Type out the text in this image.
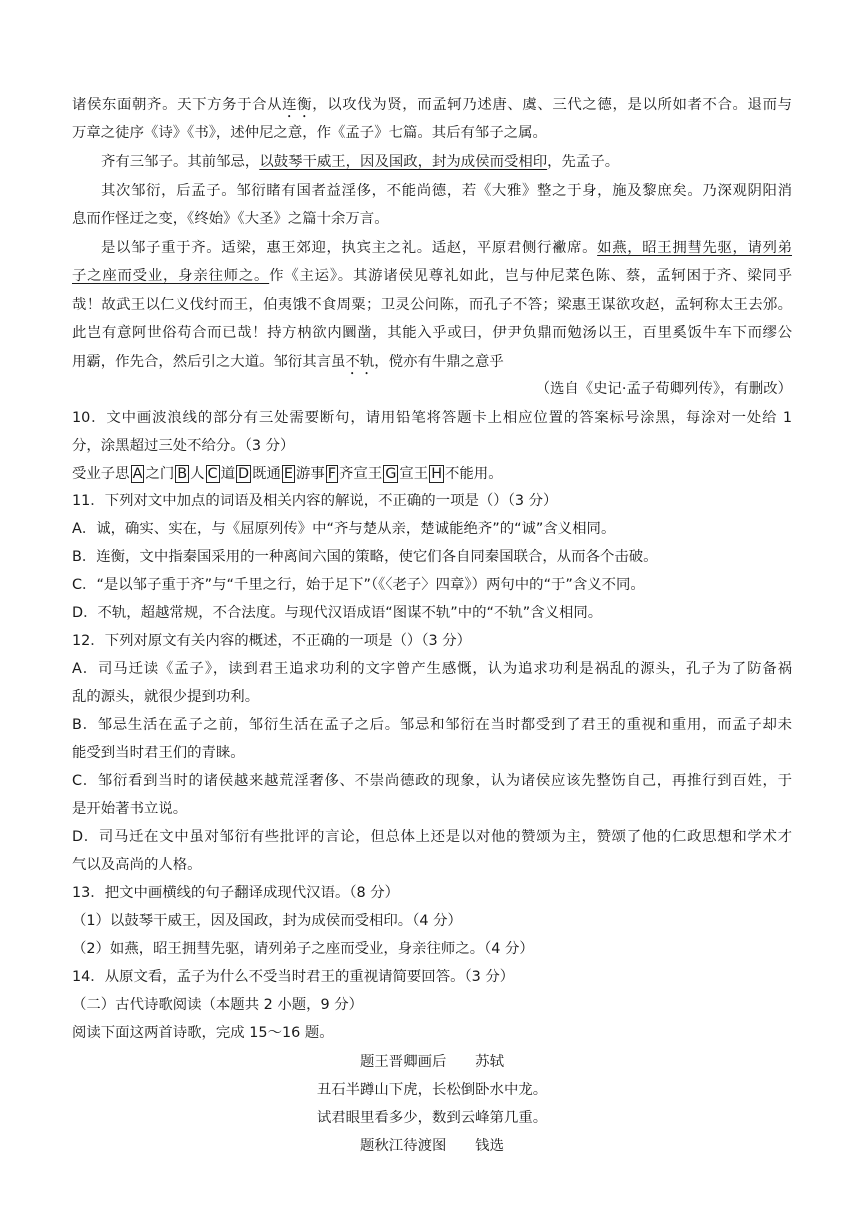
诸侯东面朝齐。天下方务于合从连衡，以攻伐为贤，而孟轲乃述唐、虞、三代之德，是以所如者不合。退而与
万章之徒序《诗》《书》，述仲尼之意，作《孟子》七篇。其后有邹子之属。
齐有三邹子。其前邹忌，以鼓琴干威王，因及国政，封为成侯而受相印，先孟子。
其次邹衍，后孟子。邹衍睹有国者益淫侈，不能尚德，若《大雅》整之于身，施及黎庶矣。乃深观阴阳消
息而作怪迂之变，《终始》《大圣》之篇十余万言。
是以邹子重于齐。适梁，惠王郊迎，执宾主之礼。适赵，平原君侧行襒席。如燕，昭王拥彗先驱，请列弟
子之座而受业，身亲往师之。作《主运》。其游诸侯见尊礼如此，岂与仲尼菜色陈、蔡，孟轲困于齐、梁同乎
哉！故武王以仁义伐纣而王，伯夷饿不食周粟；卫灵公问陈，而孔子不答；梁惠王谋欲攻赵，孟轲称太王去邠。
此岂有意阿世俗苟合而已哉！持方枘欲内圜凿，其能入乎或曰，伊尹负鼎而勉汤以王，百里奚饭牛车下而缪公
用霸，作先合，然后引之大道。邹衍其言虽不轨，傥亦有牛鼎之意乎
（选自《史记·孟子荀卿列传》，有删改）
10．文中画波浪线的部分有三处需要断句，请用铅笔将答题卡上相应位置的答案标号涂黑，每涂对一处给 1
分，涂黑超过三处不给分。（3 分）
受业子思 A 之门 B 人 C 道 D 既通 E 游事 F 齐宣王 G 宣王 H 不能用。
11．下列对文中加点的词语及相关内容的解说，不正确的一项是（）（3 分）
A．诚，确实、实在，与《屈原列传》中“齐与楚从亲，楚诚能绝齐”的“诚”含义相同。
B．连衡，文中指秦国采用的一种离间六国的策略，使它们各自同秦国联合，从而各个击破。
C．“是以邹子重于齐”与“千里之行，始于足下”（《〈老子〉四章》）两句中的“于”含义不同。
D．不轨，超越常规，不合法度。与现代汉语成语“图谋不轨”中的“不轨”含义相同。
12．下列对原文有关内容的概述，不正确的一项是（）（3 分）
A．司马迁读《孟子》，读到君王追求功利的文字曾产生感慨，认为追求功利是祸乱的源头，孔子为了防备祸
乱的源头，就很少提到功利。
B．邹忌生活在孟子之前，邹衍生活在孟子之后。邹忌和邹衍在当时都受到了君王的重视和重用，而孟子却未
能受到当时君王们的青睐。
C．邹衍看到当时的诸侯越来越荒淫奢侈、不崇尚德政的现象，认为诸侯应该先整饬自己，再推行到百姓，于
是开始著书立说。
D．司马迁在文中虽对邹衍有些批评的言论，但总体上还是以对他的赞颂为主，赞颂了他的仁政思想和学术才
气以及高尚的人格。
13．把文中画横线的句子翻译成现代汉语。（8 分）
（1）以鼓琴干威王，因及国政，封为成侯而受相印。（4 分）
（2）如燕，昭王拥彗先驱，请列弟子之座而受业，身亲往师之。（4 分）
14．从原文看，孟子为什么不受当时君王的重视请简要回答。（3 分）
（二）古代诗歌阅读（本题共 2 小题，9 分）
阅读下面这两首诗歌，完成 15～16 题。
题王晋卿画后 苏轼
丑石半蹲山下虎，长松倒卧水中龙。
试君眼里看多少，数到云峰第几重。
题秋江待渡图 钱选
